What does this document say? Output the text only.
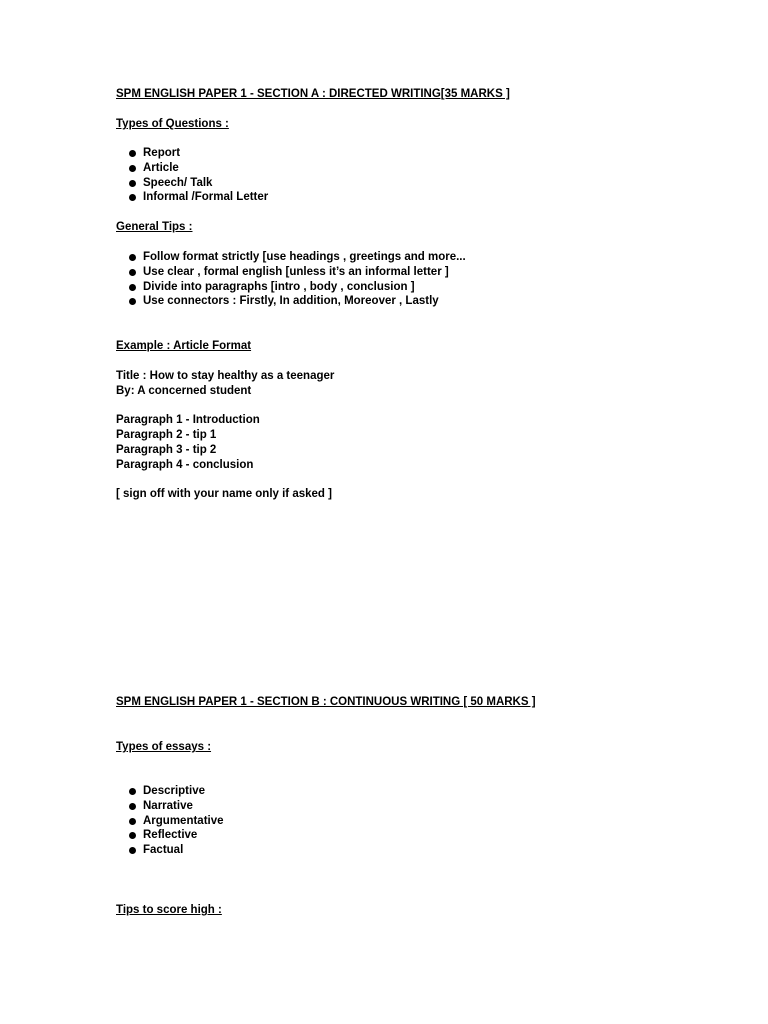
SPM ENGLISH PAPER 1 - SECTION A : DIRECTED WRITING[35 MARKS ]
Types of Questions :
Report
Article
Speech/ Talk
Informal /Formal Letter
General Tips :
Follow format strictly [use headings , greetings and more...
Use clear , formal english [unless it’s an informal letter ]
Divide into paragraphs [intro , body , conclusion ]
Use connectors : Firstly, In addition, Moreover , Lastly
Example : Article Format
Title : How to stay healthy as a teenager
By: A concerned student
Paragraph 1 - Introduction
Paragraph 2 - tip 1
Paragraph 3 - tip 2
Paragraph 4 - conclusion
[ sign off with your name only if asked ]
SPM ENGLISH PAPER 1 - SECTION B : CONTINUOUS WRITING [ 50 MARKS ]
Types of essays :
Descriptive
Narrative
Argumentative
Reflective
Factual
Tips to score high :
